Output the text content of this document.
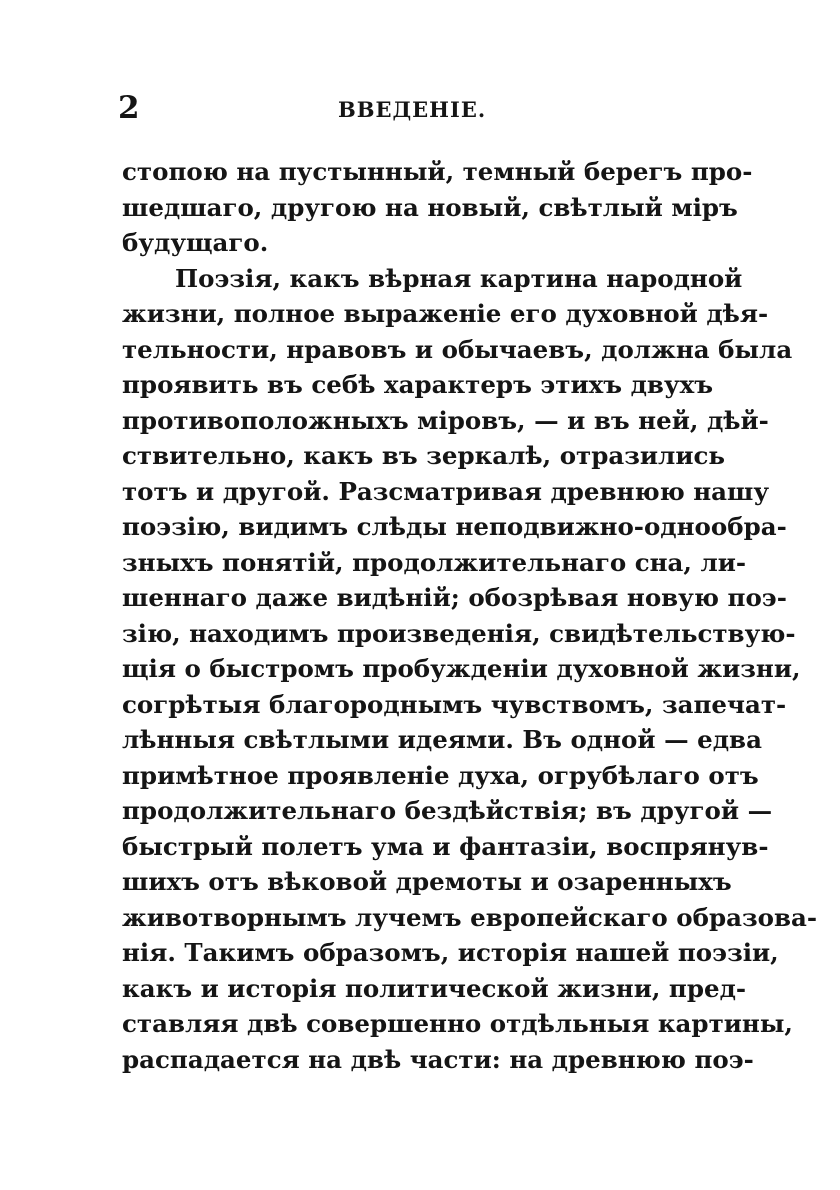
2	ВВЕДЕНІЕ.
стопою на пустынный, темный берегъ про-
шедшаго, другою на новый, свѣтлый міръ
будущаго.
Поэзія, какъ вѣрная картина народной
жизни, полное выраженіе его духовной дѣя-
тельности, нравовъ и обычаевъ, должна была
проявить въ себѣ характеръ этихъ двухъ
противоположныхъ міровъ, — и въ ней, дѣй-
ствительно, какъ въ зеркалѣ, отразились
тотъ и другой. Разсматривая древнюю нашу
поэзію, видимъ слѣды неподвижно-однообра-
зныхъ понятій, продолжительнаго сна, ли-
шеннаго даже видѣній; обозрѣвая новую поэ-
зію, находимъ произведенія, свидѣтельствую-
щія о быстромъ пробужденіи духовной жизни,
согрѣтыя благороднымъ чувствомъ, запечат-
лѣнныя свѣтлыми идеями. Въ одной — едва
примѣтное проявленіе духа, огрубѣлаго отъ
продолжительнаго бездѣйствія; въ другой —
быстрый полетъ ума и фантазіи, воспрянув-
шихъ отъ вѣковой дремоты и озаренныхъ
животворнымъ лучемъ европейскаго образова-
нія. Такимъ образомъ, исторія нашей поэзіи,
какъ и исторія политической жизни, пред-
ставляя двѣ совершенно отдѣльныя картины,
распадается на двѣ части: на древнюю поэ-
